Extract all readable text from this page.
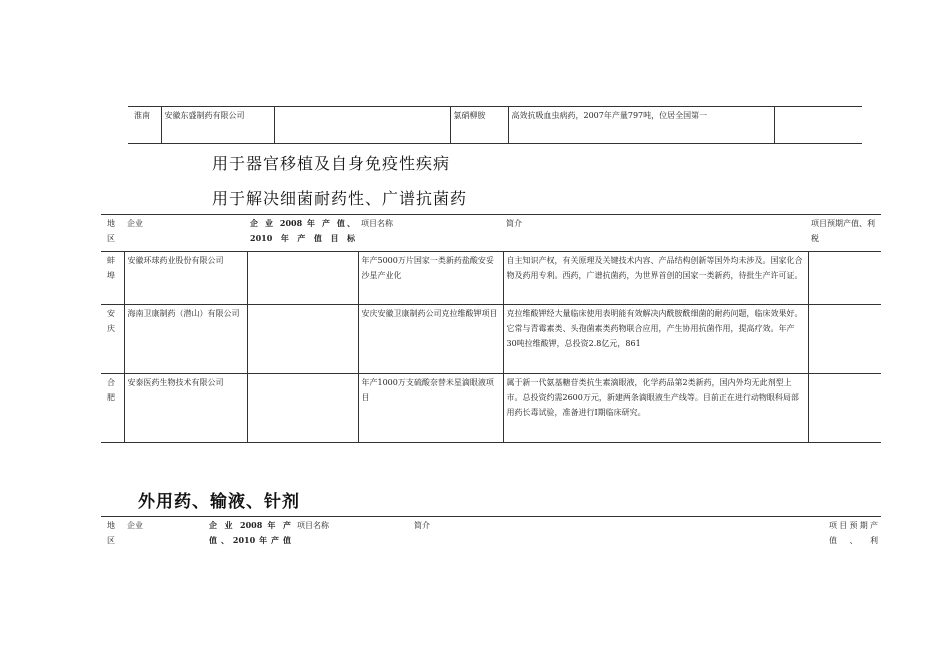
淮南	安徽东盛制药有限公司		氯硝柳胺	高效抗吸血虫病药，2007年产量797吨，位居全国第一	
用于器官移植及自身免疫性疾病
用于解决细菌耐药性、广谱抗菌药
地区	企业	企 业 2008 年 产 值、2010年产值目标	项目名称	简介	项目预期产值、利税
蚌埠	安徽环球药业股份有限公司		年产5000万片国家一类新药盐酸安妥沙星产业化	自主知识产权，有关原理及关键技术内容、产品结构创新等国外均未涉及。国家化合物及药用专利。西药，广谱抗菌药，为世界首创的国家一类新药，待批生产许可证。	
安庆	海南卫康制药（潜山）有限公司		安庆安徽卫康制药公司克拉维酸钾项目	克拉维酸钾经大量临床使用表明能有效解决内酰胺酰细菌的耐药问题，临床效果好。它常与青霉素类、头孢菌素类药物联合应用，产生协用抗菌作用，提高疗效。年产30吨拉维酸钾，总投资2.8亿元，861	
合肥	安泰医药生物技术有限公司		年产1000万支硫酸奈替米星滴眼液项目	属于新一代氨基糖苷类抗生素滴眼液，化学药品第2类新药，国内外均无此剂型上市。总投资约需2600万元，新建两条滴眼液生产线等。目前正在进行动物眼科局部用药长毒试验，准备进行Ⅰ期临床研究。	
外用药、输液、针剂
地区	企业	企 业 2008 年 产 值、2010年产值	项目名称	简介	项目预期产值、利
